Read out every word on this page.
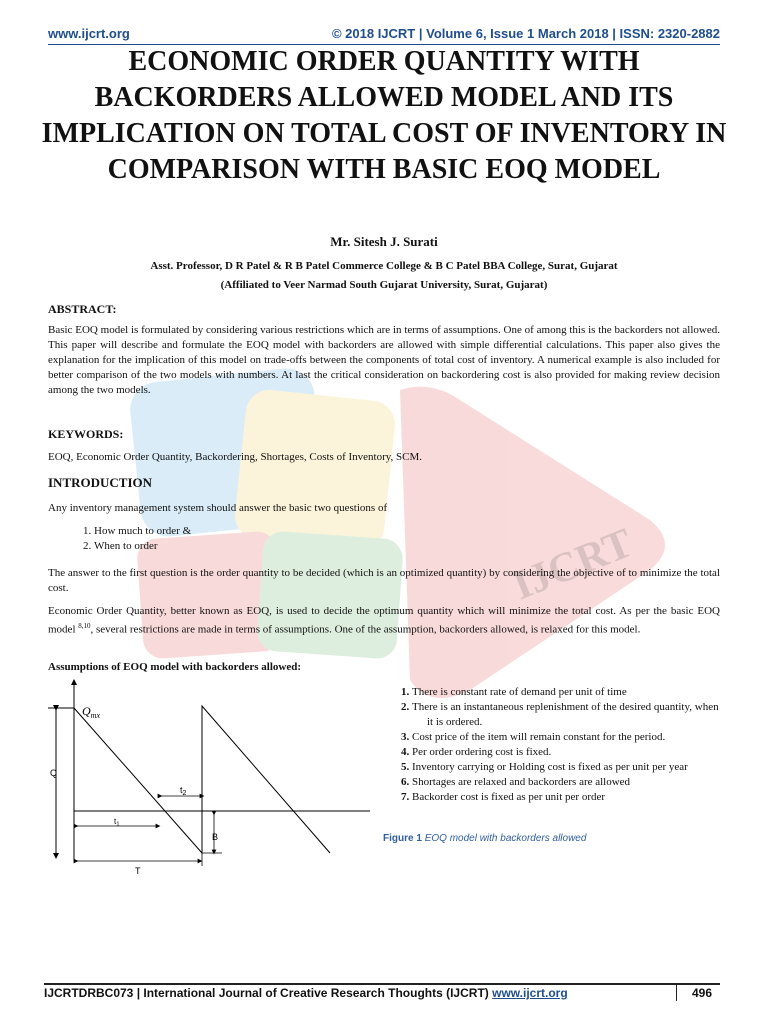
IJCRT
www.ijcrt.org	© 2018 IJCRT | Volume 6, Issue 1 March 2018 | ISSN: 2320-2882
ECONOMIC ORDER QUANTITY WITH BACKORDERS ALLOWED MODEL AND ITS IMPLICATION ON TOTAL COST OF INVENTORY IN COMPARISON WITH BASIC EOQ MODEL
Mr. Sitesh J. Surati
Asst. Professor, D R Patel & R B Patel Commerce College & B C Patel BBA College, Surat, Gujarat
(Affiliated to Veer Narmad South Gujarat University, Surat, Gujarat)
ABSTRACT:
Basic EOQ model is formulated by considering various restrictions which are in terms of assumptions. One of among this is the backorders not allowed. This paper will describe and formulate the EOQ model with backorders are allowed with simple differential calculations. This paper also gives the explanation for the implication of this model on trade-offs between the components of total cost of inventory. A numerical example is also included for better comparison of the two models with numbers. At last the critical consideration on backordering cost is also provided for making review decision among the two models.
KEYWORDS:
EOQ, Economic Order Quantity, Backordering, Shortages, Costs of Inventory, SCM.
INTRODUCTION
Any inventory management system should answer the basic two questions of
1. How much to order &
2. When to order
The answer to the first question is the order quantity to be decided (which is an optimized quantity) by considering the objective of to minimize the total cost.
Economic Order Quantity, better known as EOQ, is used to decide the optimum quantity which will minimize the total cost. As per the basic EOQ model $^{8,10}$, several restrictions are made in terms of assumptions. One of the assumption, backorders allowed, is relaxed for this model.
Assumptions of EOQ model with backorders allowed:
$Q_{mx}$
Q
$t_1$
$t_2$
B
T
There is constant rate of demand per unit of time
There is an instantaneous replenishment of the desired quantity, when it is ordered.
Cost price of the item will remain constant for the period.
Per order ordering cost is fixed.
Inventory carrying or Holding cost is fixed as per unit per year
Shortages are relaxed and backorders are allowed
Backorder cost is fixed as per unit per order
Figure 1 EOQ model with backorders allowed
IJCRTDRBC073 | International Journal of Creative Research Thoughts (IJCRT) www.ijcrt.org	496
